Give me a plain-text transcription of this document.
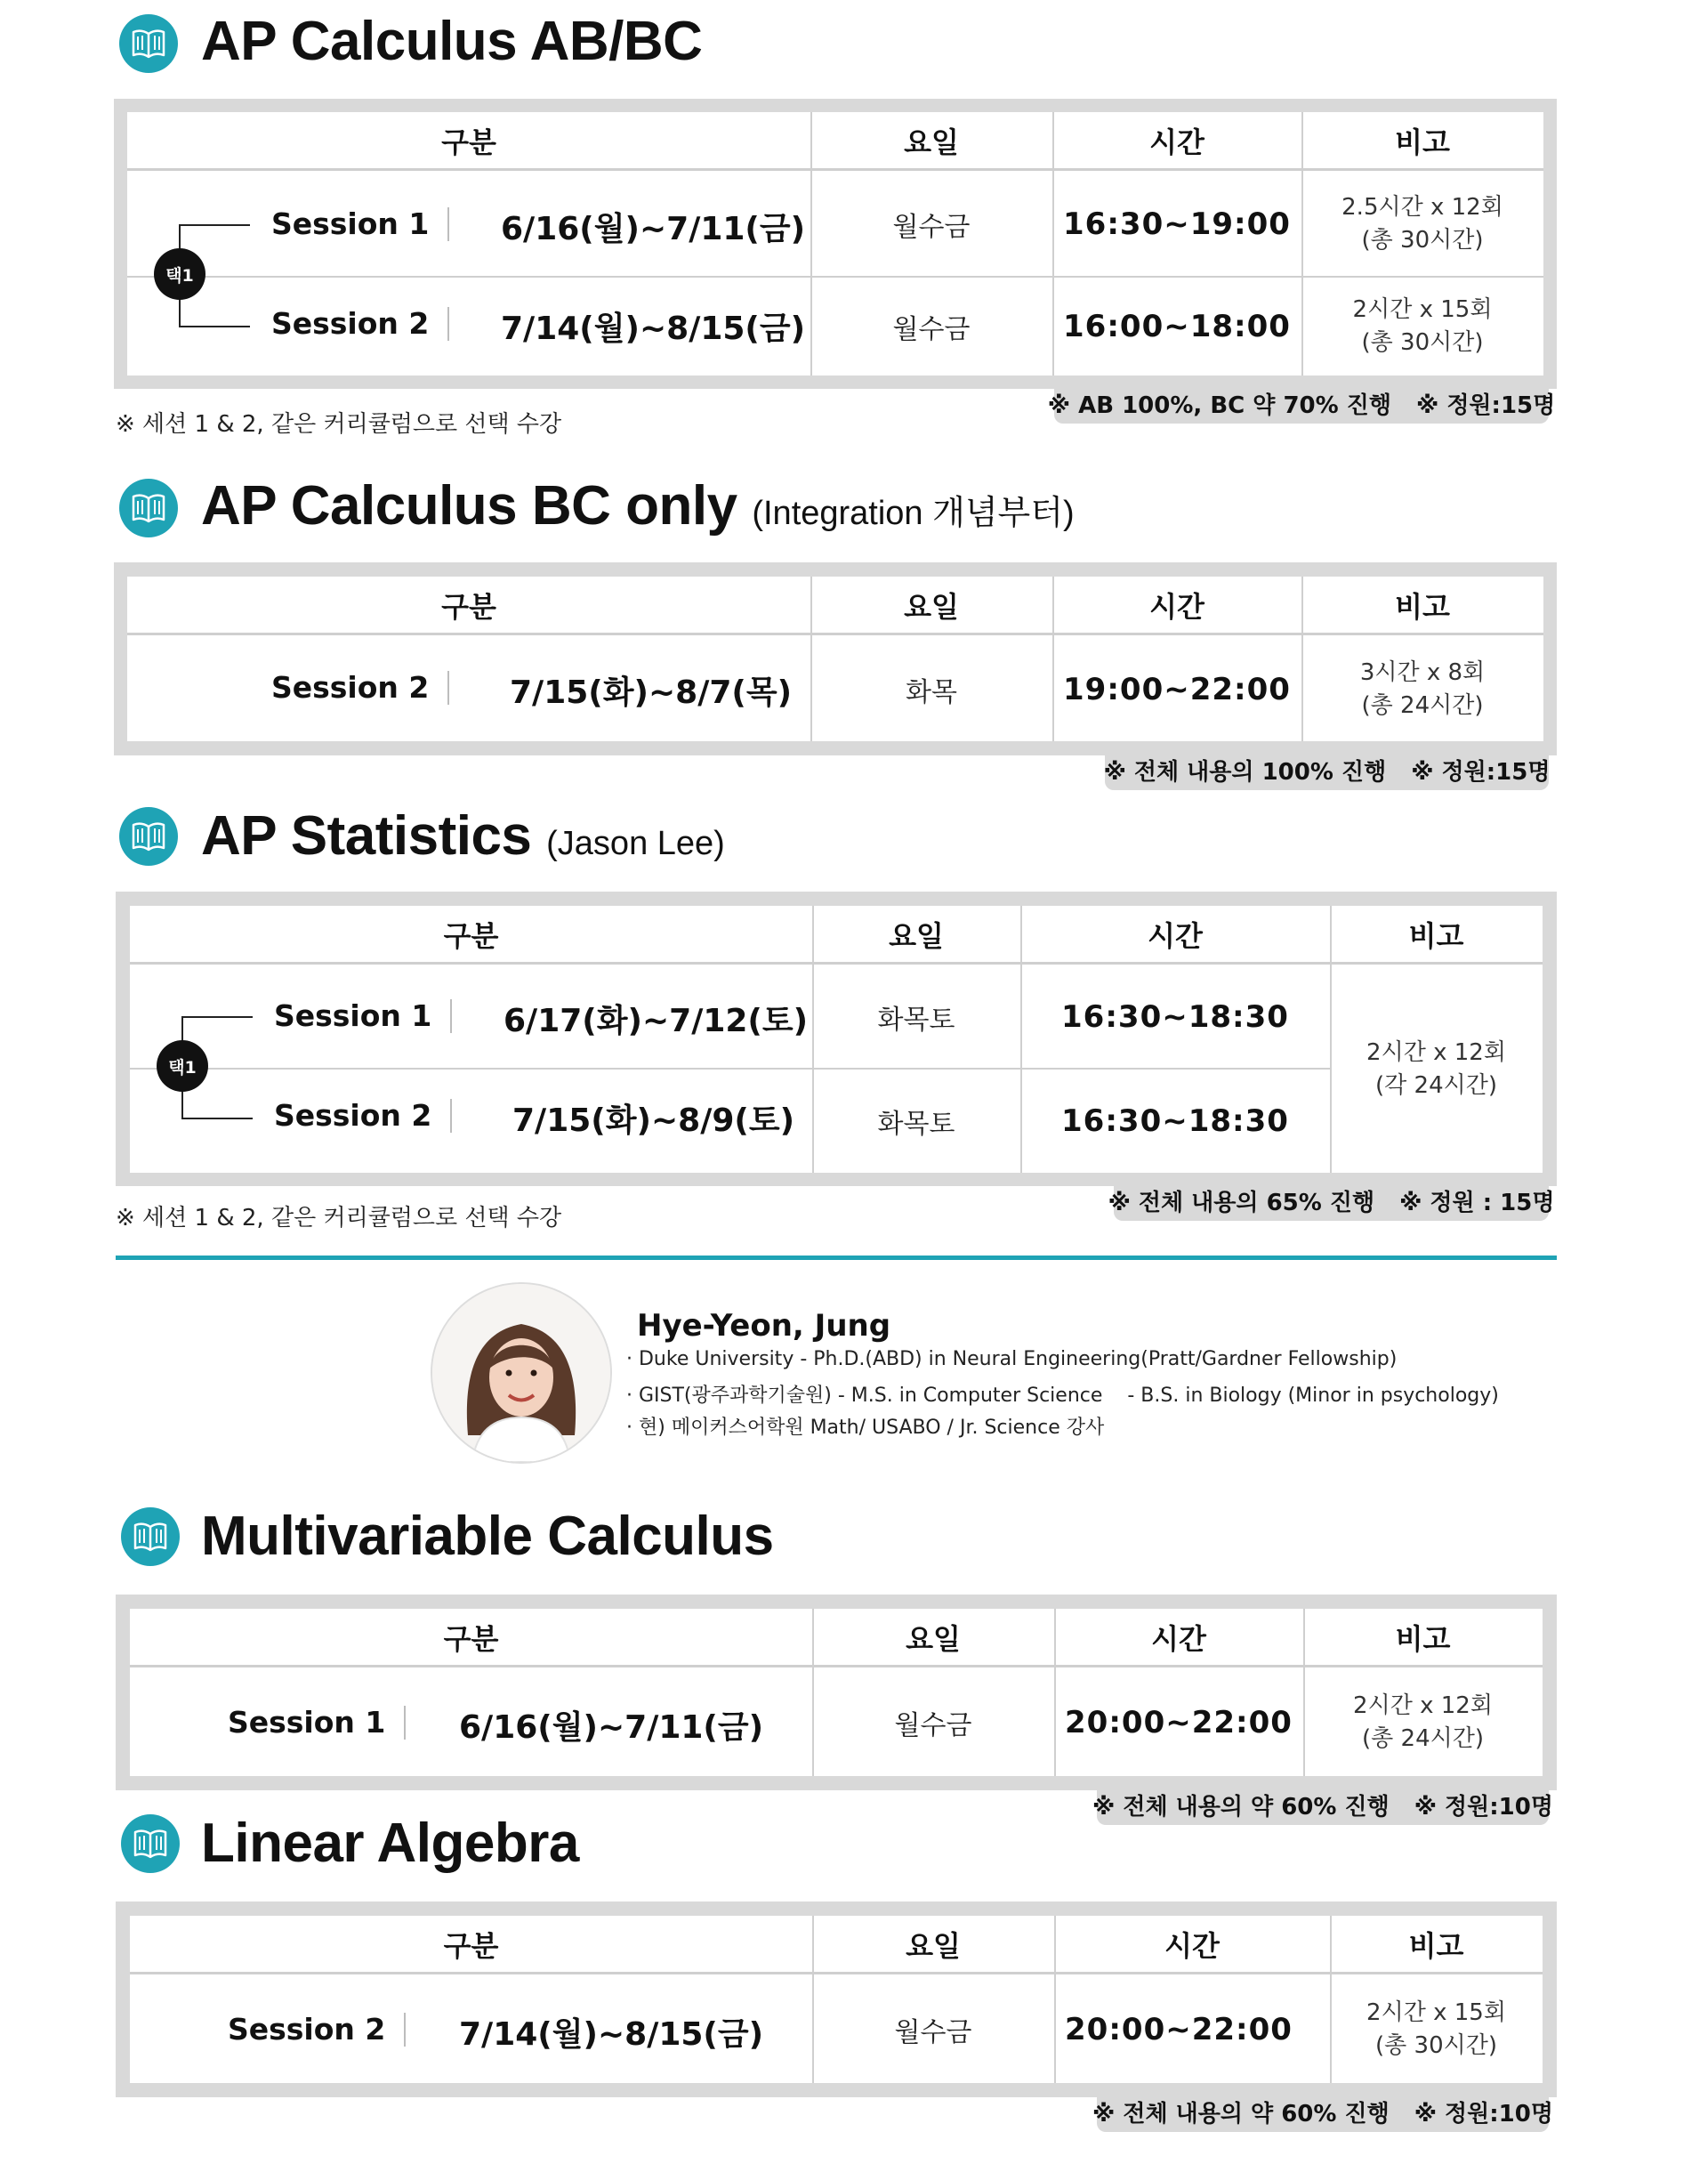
AP Calculus AB/BC
구분	요일	시간	비고
택1
Session 1 6/16(월)~7/11(금)	월수금	16:30~19:00	2.5시간 x 12회
(총 30시간)
Session 2 7/14(월)~8/15(금)	월수금	16:00~18:00	2시간 x 15회
(총 30시간)
※ AB 100%, BC 약 70% 진행 ※ 정원:15명
※ 세션 1 & 2, 같은 커리큘럼으로 선택 수강
AP Calculus BC only (Integration 개념부터)
구분	요일	시간	비고
Session 2	7/15(화)~8/7(목)	화목	19:00~22:00	3시간 x 8회
(총 24시간)
※ 전체 내용의 100% 진행 ※ 정원:15명
AP Statistics (Jason Lee)
구분	요일	시간	비고
택1
Session 1 6/17(화)~7/12(토)	화목토	16:30~18:30
Session 2	7/15(화)~8/9(토)	화목토	16:30~18:30
2시간 x 12회
(각 24시간)
※ 전체 내용의 65% 진행 ※ 정원 : 15명
※ 세션 1 & 2, 같은 커리큘럼으로 선택 수강
Hye-Yeon, Jung
· Duke University - Ph.D.(ABD) in Neural Engineering(Pratt/Gardner Fellowship)
· GIST(광주과학기술원) - M.S. in Computer Science    - B.S. in Biology (Minor in psychology)
· 현) 메이커스어학원 Math/ USABO / Jr. Science 강사
Multivariable Calculus
구분	요일	시간	비고
Session 1 6/16(월)~7/11(금)	월수금	20:00~22:00	2시간 x 12회
(총 24시간)
※ 전체 내용의 약 60% 진행 ※ 정원:10명
Linear Algebra
구분	요일	시간	비고
Session 2 7/14(월)~8/15(금)	월수금	20:00~22:00	2시간 x 15회
(총 30시간)
※ 전체 내용의 약 60% 진행 ※ 정원:10명
